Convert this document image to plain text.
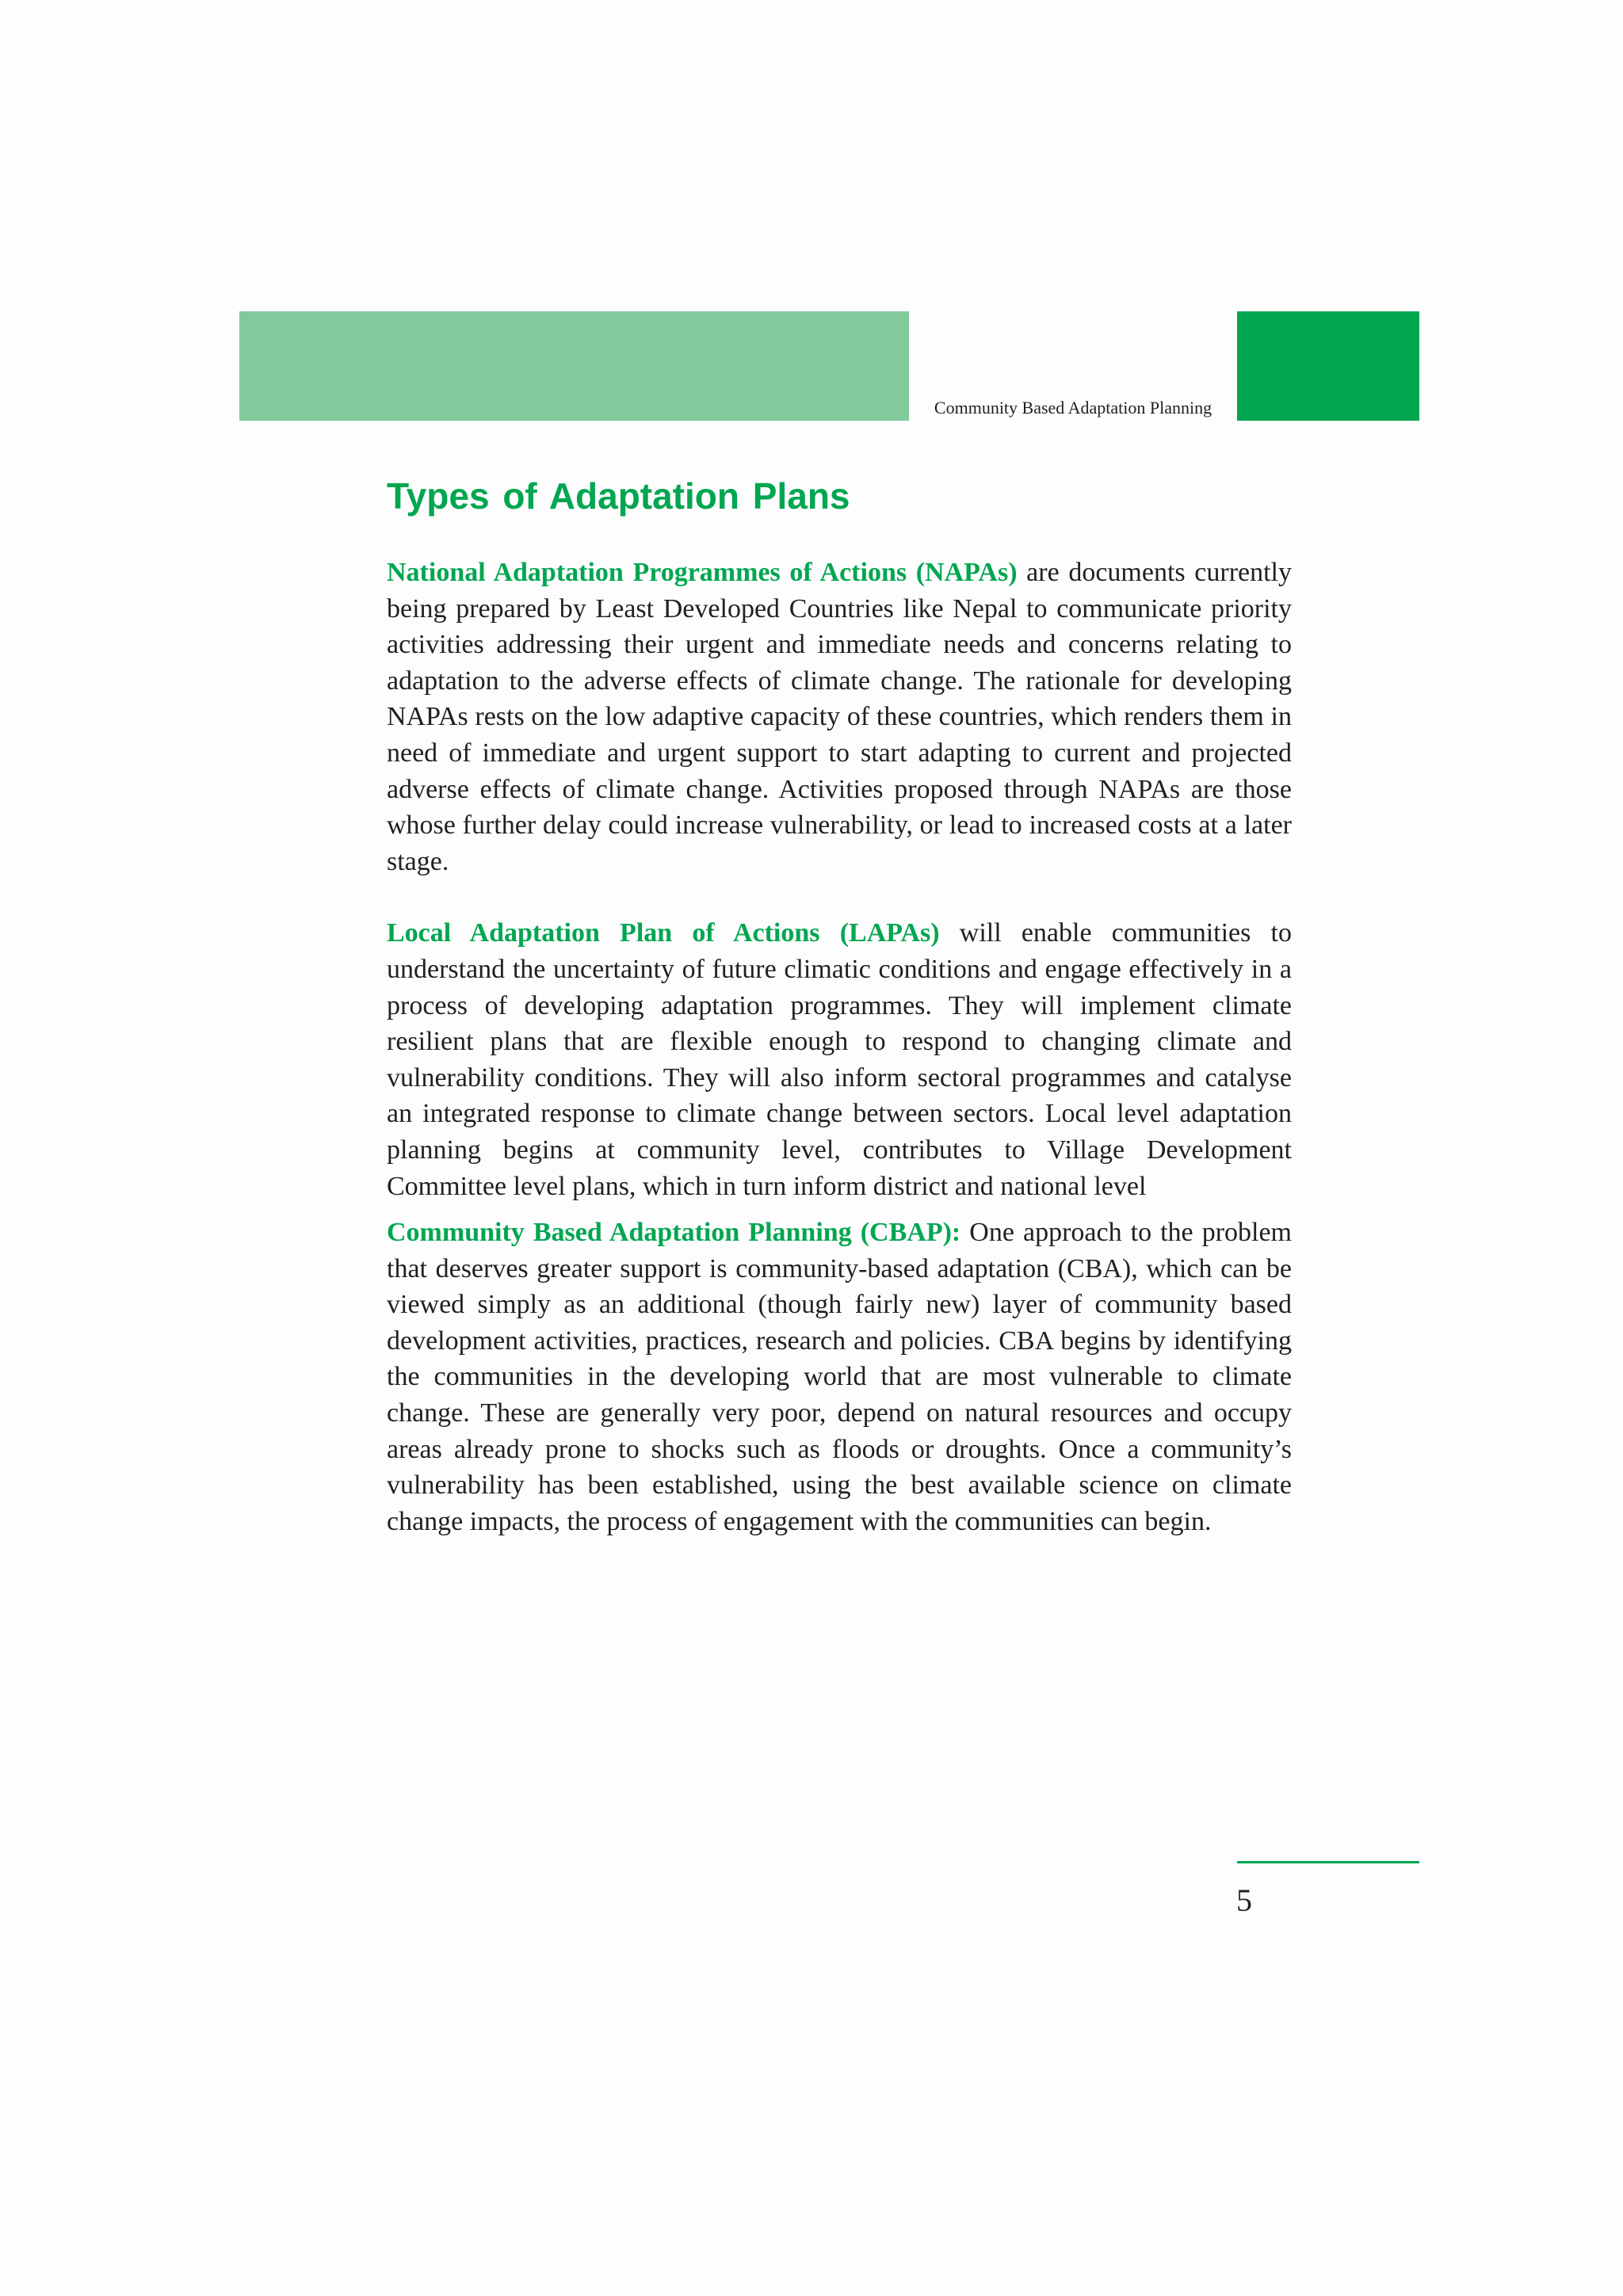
Community Based Adaptation Planning
Types of Adaptation Plans

National Adaptation Programmes of Actions (NAPAs) are documents currently being prepared by Least Developed Countries like Nepal to communicate priority activities addressing their urgent and immediate needs and concerns relating to adaptation to the adverse effects of climate change. The rationale for developing NAPAs rests on the low adaptive capacity of these countries, which renders them in need of immediate and urgent support to start adapting to current and projected adverse effects of climate change. Activities proposed through NAPAs are those whose further delay could increase vulnerability, or lead to increased costs at a later stage.

Local Adaptation Plan of Actions (LAPAs) will enable communities to understand the uncertainty of future climatic conditions and engage effectively in a process of developing adaptation programmes. They will implement climate resilient plans that are flexible enough to respond to changing climate and vulnerability conditions. They will also inform sectoral programmes and catalyse an integrated response to climate change between sectors. Local level adaptation planning begins at community level, contributes to Village Development Committee level plans, which in turn inform district and national level

Community Based Adaptation Planning (CBAP): One approach to the problem that deserves greater support is community-based adaptation (CBA), which can be viewed simply as an additional (though fairly new) layer of community based development activities, practices, research and policies. CBA begins by identifying the communities in the developing world that are most vulnerable to climate change. These are generally very poor, depend on natural resources and occupy areas already prone to shocks such as floods or droughts. Once a community’s vulnerability has been established, using the best available science on climate change impacts, the process of engagement with the communities can begin.

5
